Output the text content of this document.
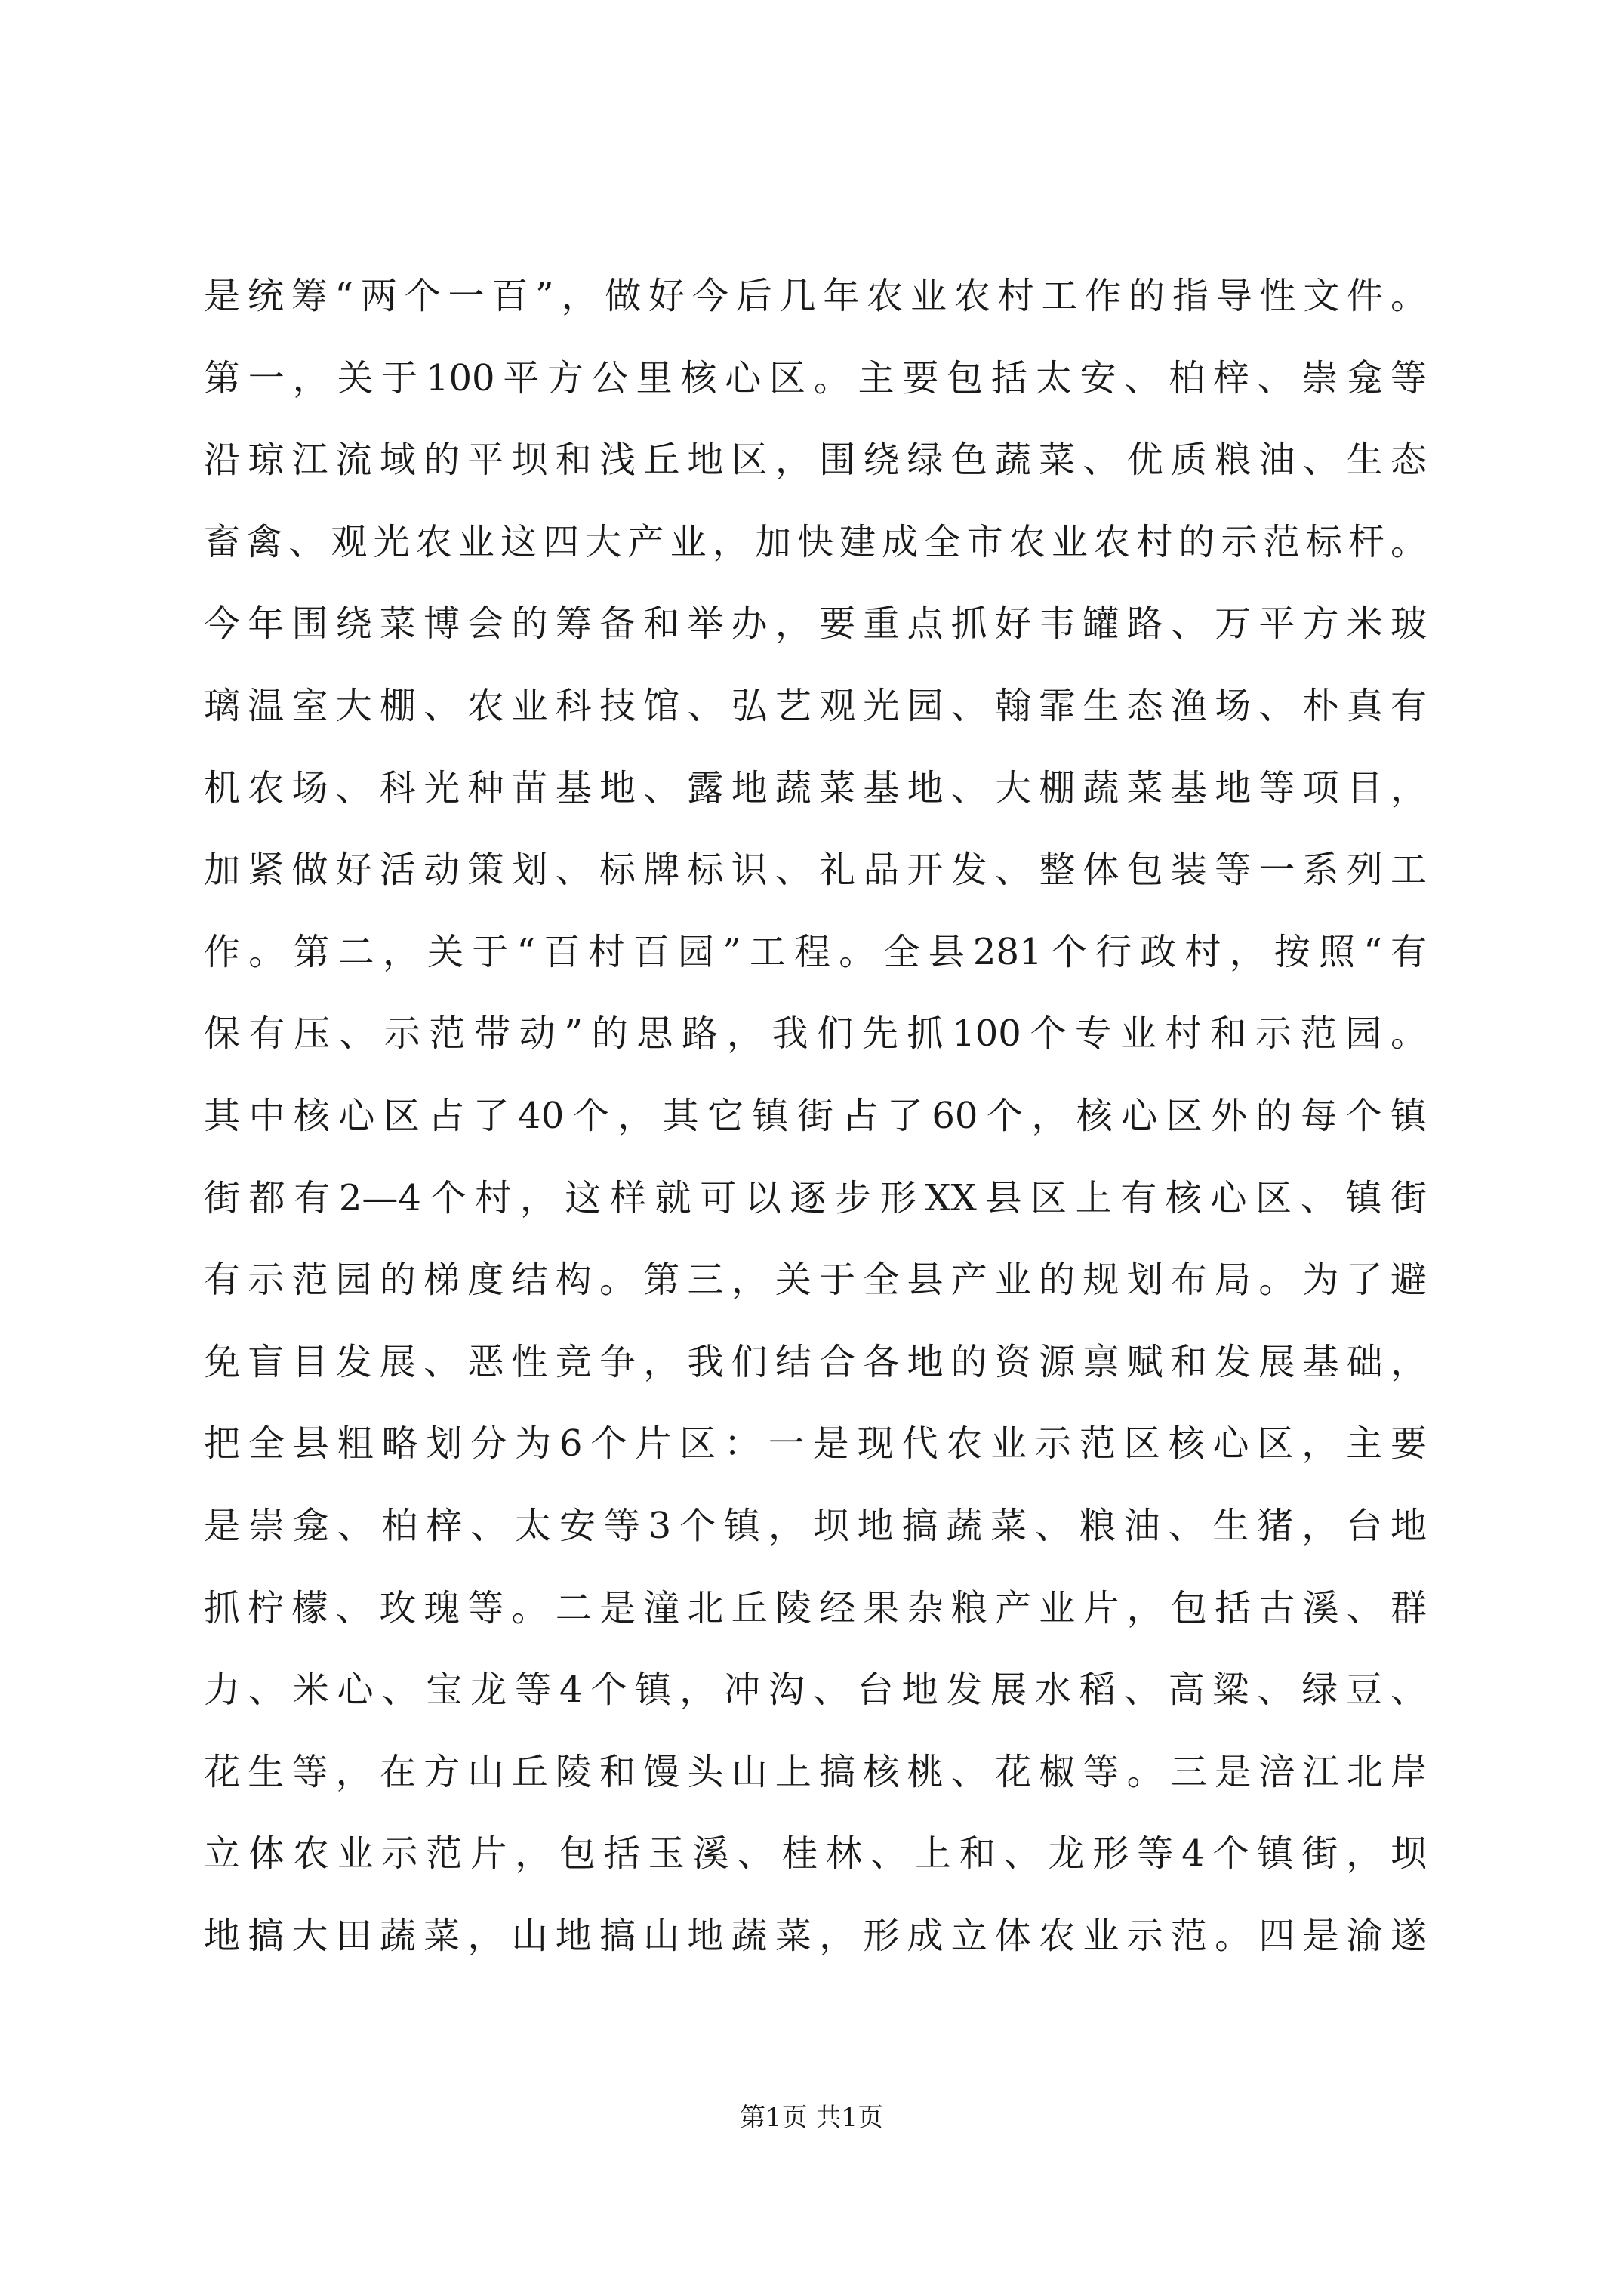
是统筹“两个一百”，做好今后几年农业农村工作的指导性文件。
第一，关于100平方公里核心区。主要包括太安、柏梓、崇龛等
沿琼江流域的平坝和浅丘地区，围绕绿色蔬菜、优质粮油、生态
畜禽、观光农业这四大产业，加快建成全市农业农村的示范标杆。
今年围绕菜博会的筹备和举办，要重点抓好韦罐路、万平方米玻
璃温室大棚、农业科技馆、弘艺观光园、翰霏生态渔场、朴真有
机农场、科光种苗基地、露地蔬菜基地、大棚蔬菜基地等项目，
加紧做好活动策划、标牌标识、礼品开发、整体包装等一系列工
作。第二，关于“百村百园”工程。全县281个行政村，按照“有
保有压、示范带动”的思路，我们先抓100个专业村和示范园。
其中核心区占了40个，其它镇街占了60个，核心区外的每个镇
街都有2—4个村，这样就可以逐步形XX县区上有核心区、镇街
有示范园的梯度结构。第三，关于全县产业的规划布局。为了避
免盲目发展、恶性竞争，我们结合各地的资源禀赋和发展基础，
把全县粗略划分为6个片区：一是现代农业示范区核心区，主要
是崇龛、柏梓、太安等3个镇，坝地搞蔬菜、粮油、生猪，台地
抓柠檬、玫瑰等。二是潼北丘陵经果杂粮产业片，包括古溪、群
力、米心、宝龙等4个镇，冲沟、台地发展水稻、高粱、绿豆、
花生等，在方山丘陵和馒头山上搞核桃、花椒等。三是涪江北岸
立体农业示范片，包括玉溪、桂林、上和、龙形等4个镇街，坝
地搞大田蔬菜，山地搞山地蔬菜，形成立体农业示范。四是渝遂
第1页 共1页
